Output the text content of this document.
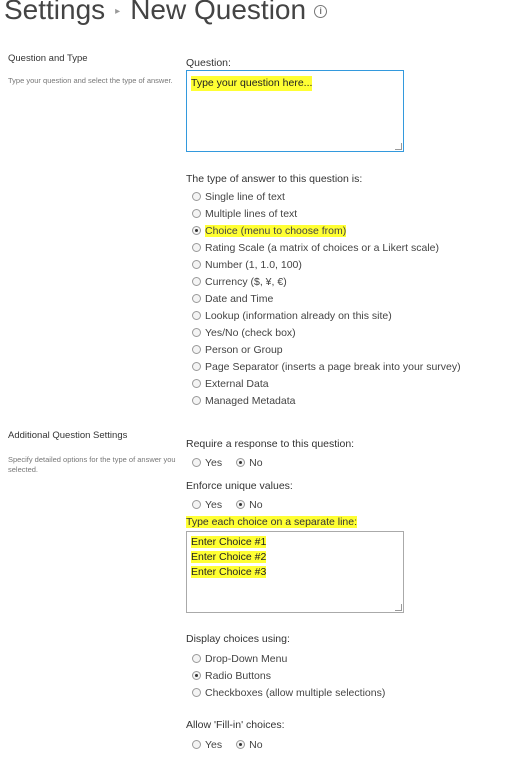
Settings ▸ New Question i
Question and Type
Type your question and select the type of answer.
Question:
Type your question here...
The type of answer to this question is:
Single line of text
Multiple lines of text
Choice (menu to choose from)
Rating Scale (a matrix of choices or a Likert scale)
Number (1, 1.0, 100)
Currency ($, ¥, €)
Date and Time
Lookup (information already on this site)
Yes/No (check box)
Person or Group
Page Separator (inserts a page break into your survey)
External Data
Managed Metadata
Additional Question Settings
Specify detailed options for the type of answer you selected.
Require a response to this question:
Yes	No
Enforce unique values:
Yes	No
Type each choice on a separate line:
Enter Choice #1
Enter Choice #2
Enter Choice #3
Display choices using:
Drop-Down Menu
Radio Buttons
Checkboxes (allow multiple selections)
Allow 'Fill-in' choices:
Yes	No
